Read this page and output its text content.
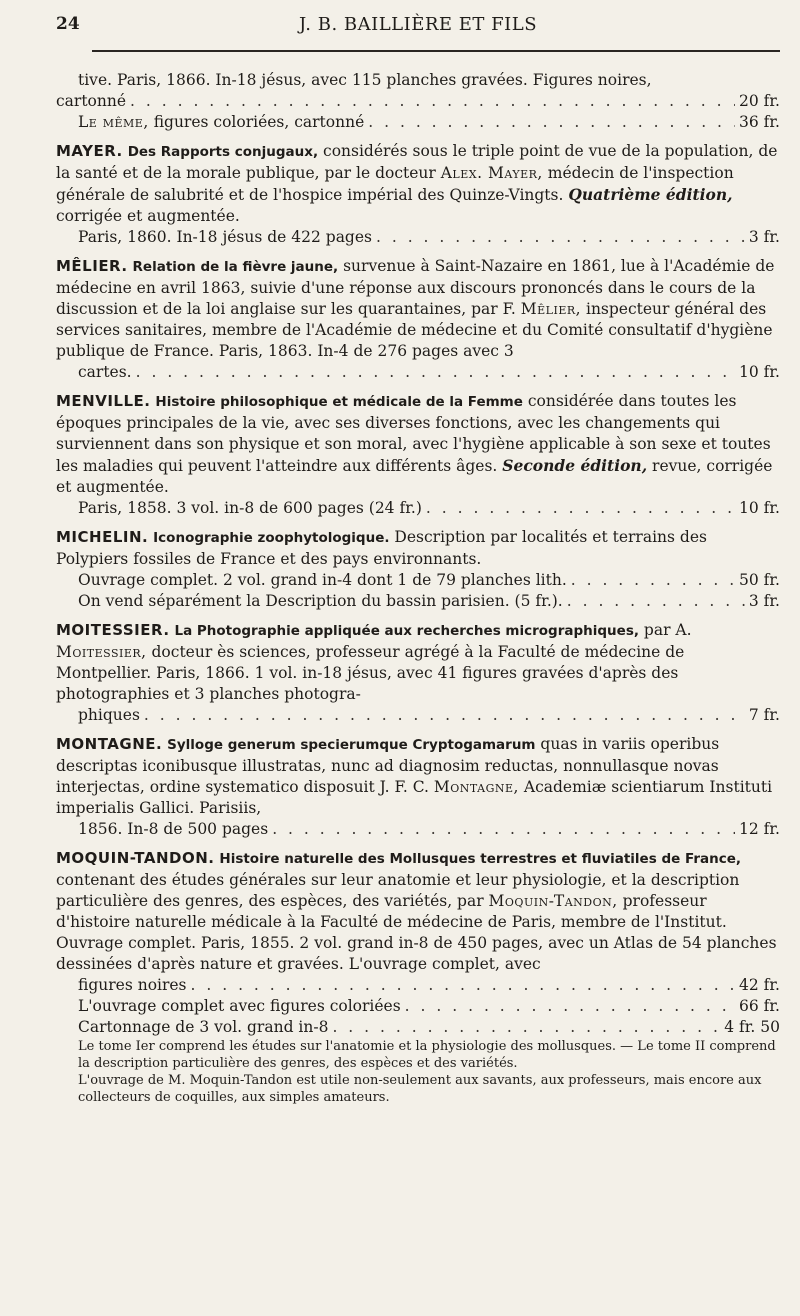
24	J. B. BAILLIÈRE ET FILS

tive. Paris, 1866. In-18 jésus, avec 115 planches gravées. Figures noires,

cartonné . . .	20 fr.

Le même, figures coloriées, cartonné . . .	36 fr.

MAYER. Des Rapports conjugaux, considérés sous le triple point de vue de la population, de la santé et de la morale publique, par le docteur Alex. Mayer, médecin de l'inspection générale de salubrité et de l'hospice impérial des Quinze-Vingts. Quatrième édition, corrigée et augmentée.

Paris, 1860. In-18 jésus de 422 pages . . .	3 fr.

MÊLIER. Relation de la fièvre jaune, survenue à Saint-Nazaire en 1861, lue à l'Académie de médecine en avril 1863, suivie d'une réponse aux discours prononcés dans le cours de la discussion et de la loi anglaise sur les quarantaines, par F. Mêlier, inspecteur général des services sanitaires, membre de l'Académie de médecine et du Comité consultatif d'hygiène publique de France. Paris, 1863. In-4 de 276 pages avec 3

cartes. . . .	10 fr.

MENVILLE. Histoire philosophique et médicale de la Femme considérée dans toutes les époques principales de la vie, avec ses diverses fonctions, avec les changements qui surviennent dans son physique et son moral, avec l'hygiène applicable à son sexe et toutes les maladies qui peuvent l'atteindre aux différents âges. Seconde édition, revue, corrigée et augmentée.

Paris, 1858. 3 vol. in-8 de 600 pages (24 fr.) . . .	10 fr.

MICHELIN. Iconographie zoophytologique. Description par localités et terrains des Polypiers fossiles de France et des pays environnants.

Ouvrage complet. 2 vol. grand in-4 dont 1 de 79 planches lith. . . .	50 fr.

On vend séparément la Description du bassin parisien. (5 fr.). . . .	3 fr.

MOITESSIER. La Photographie appliquée aux recherches micrographiques, par A. Moitessier, docteur ès sciences, professeur agrégé à la Faculté de médecine de Montpellier. Paris, 1866. 1 vol. in-18 jésus, avec 41 figures gravées d'après des photographies et 3 planches photogra-

phiques . . .	7 fr.

MONTAGNE. Sylloge generum specierumque Cryptogamarum quas in variis operibus descriptas iconibusque illustratas, nunc ad diagnosim reductas, nonnullasque novas interjectas, ordine systematico disposuit J. F. C. Montagne, Academiæ scientiarum Instituti imperialis Gallici. Parisiis,

1856. In-8 de 500 pages . . .	12 fr.

MOQUIN-TANDON. Histoire naturelle des Mollusques terrestres et fluviatiles de France, contenant des études générales sur leur anatomie et leur physiologie, et la description particulière des genres, des espèces, des variétés, par Moquin-Tandon, professeur d'histoire naturelle médicale à la Faculté de médecine de Paris, membre de l'Institut. Ouvrage complet. Paris, 1855. 2 vol. grand in-8 de 450 pages, avec un Atlas de 54 planches dessinées d'après nature et gravées. L'ouvrage complet, avec

figures noires . . .	42 fr.

L'ouvrage complet avec figures coloriées . . .	66 fr.

Cartonnage de 3 vol. grand in-8 . . .	4 fr. 50

Le tome Ier comprend les études sur l'anatomie et la physiologie des mollusques. — Le tome II comprend la description particulière des genres, des espèces et des variétés.

L'ouvrage de M. Moquin-Tandon est utile non-seulement aux savants, aux professeurs, mais encore aux collecteurs de coquilles, aux simples amateurs.
